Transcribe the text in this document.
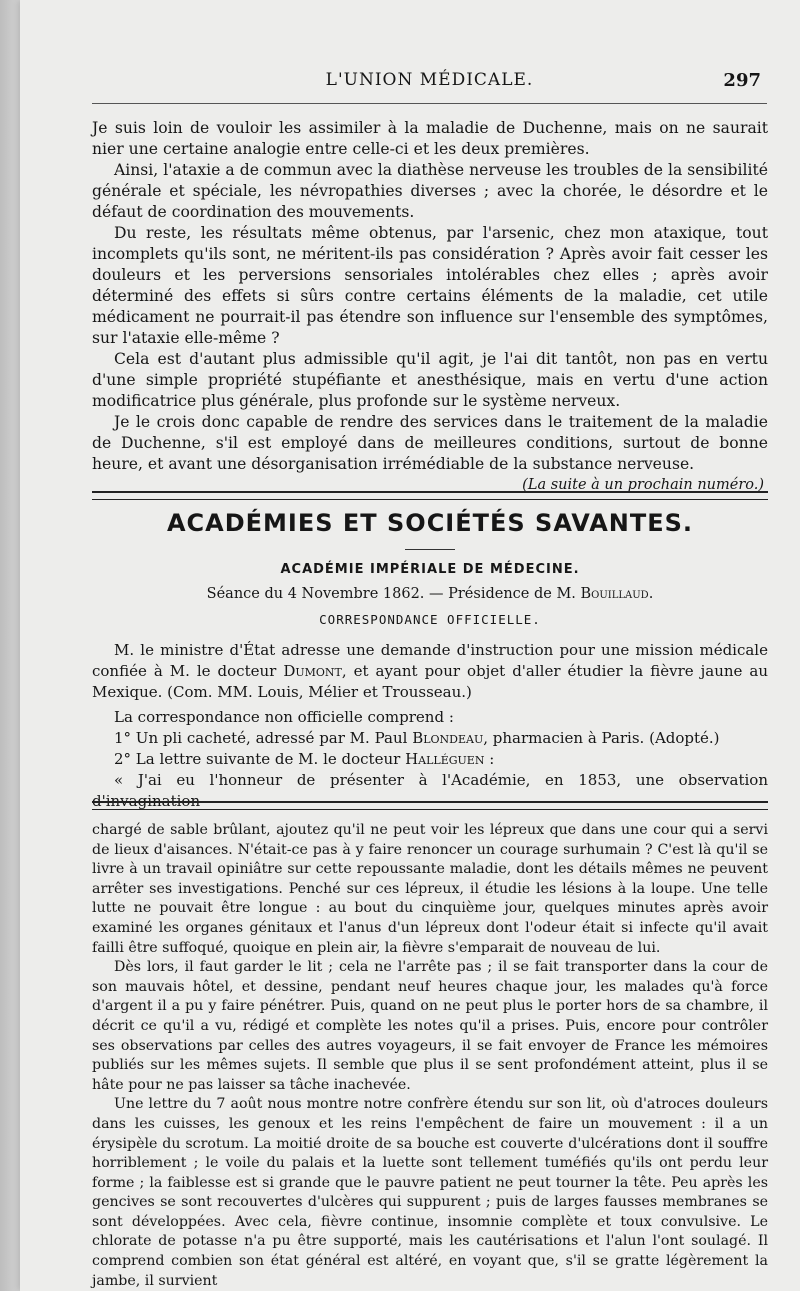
L'UNION MÉDICALE.	297

Je suis loin de vouloir les assimiler à la maladie de Duchenne, mais on ne saurait nier une certaine analogie entre celle-ci et les deux premières.

Ainsi, l'ataxie a de commun avec la diathèse nerveuse les troubles de la sensibilité générale et spéciale, les névropathies diverses ; avec la chorée, le désordre et le défaut de coordination des mouvements.

Du reste, les résultats même obtenus, par l'arsenic, chez mon ataxique, tout incomplets qu'ils sont, ne méritent-ils pas considération ? Après avoir fait cesser les douleurs et les perversions sensoriales intolérables chez elles ; après avoir déterminé des effets si sûrs contre certains éléments de la maladie, cet utile médicament ne pourrait-il pas étendre son influence sur l'ensemble des symptômes, sur l'ataxie elle-même ?

Cela est d'autant plus admissible qu'il agit, je l'ai dit tantôt, non pas en vertu d'une simple propriété stupéfiante et anesthésique, mais en vertu d'une action modificatrice plus générale, plus profonde sur le système nerveux.

Je le crois donc capable de rendre des services dans le traitement de la maladie de Duchenne, s'il est employé dans de meilleures conditions, surtout de bonne heure, et avant une désorganisation irrémédiable de la substance nerveuse.

(La suite à un prochain numéro.)

ACADÉMIES ET SOCIÉTÉS SAVANTES.
ACADÉMIE IMPÉRIALE DE MÉDECINE.
Séance du 4 Novembre 1862. — Présidence de M. Bouillaud.
CORRESPONDANCE OFFICIELLE.

M. le ministre d'État adresse une demande d'instruction pour une mission médicale confiée à M. le docteur Dumont, et ayant pour objet d'aller étudier la fièvre jaune au Mexique. (Com. MM. Louis, Mélier et Trousseau.)

La correspondance non officielle comprend :

1° Un pli cacheté, adressé par M. Paul Blondeau, pharmacien à Paris. (Adopté.)

2° La lettre suivante de M. le docteur Halléguen :

« J'ai eu l'honneur de présenter à l'Académie, en 1853, une observation d'invagination

chargé de sable brûlant, ajoutez qu'il ne peut voir les lépreux que dans une cour qui a servi de lieux d'aisances. N'était-ce pas à y faire renoncer un courage surhumain ? C'est là qu'il se livre à un travail opiniâtre sur cette repoussante maladie, dont les détails mêmes ne peuvent arrêter ses investigations. Penché sur ces lépreux, il étudie les lésions à la loupe. Une telle lutte ne pouvait être longue : au bout du cinquième jour, quelques minutes après avoir examiné les organes génitaux et l'anus d'un lépreux dont l'odeur était si infecte qu'il avait failli être suffoqué, quoique en plein air, la fièvre s'emparait de nouveau de lui.

Dès lors, il faut garder le lit ; cela ne l'arrête pas ; il se fait transporter dans la cour de son mauvais hôtel, et dessine, pendant neuf heures chaque jour, les malades qu'à force d'argent il a pu y faire pénétrer. Puis, quand on ne peut plus le porter hors de sa chambre, il décrit ce qu'il a vu, rédigé et complète les notes qu'il a prises. Puis, encore pour contrôler ses observations par celles des autres voyageurs, il se fait envoyer de France les mémoires publiés sur les mêmes sujets. Il semble que plus il se sent profondément atteint, plus il se hâte pour ne pas laisser sa tâche inachevée.

Une lettre du 7 août nous montre notre confrère étendu sur son lit, où d'atroces douleurs dans les cuisses, les genoux et les reins l'empêchent de faire un mouvement : il a un érysipèle du scrotum. La moitié droite de sa bouche est couverte d'ulcérations dont il souffre horriblement ; le voile du palais et la luette sont tellement tuméfiés qu'ils ont perdu leur forme ; la faiblesse est si grande que le pauvre patient ne peut tourner la tête. Peu après les gencives se sont recouvertes d'ulcères qui suppurent ; puis de larges fausses membranes se sont développées. Avec cela, fièvre continue, insomnie complète et toux convulsive. Le chlorate de potasse n'a pu être supporté, mais les cautérisations et l'alun l'ont soulagé. Il comprend combien son état général est altéré, en voyant que, s'il se gratte légèrement la jambe, il survient
